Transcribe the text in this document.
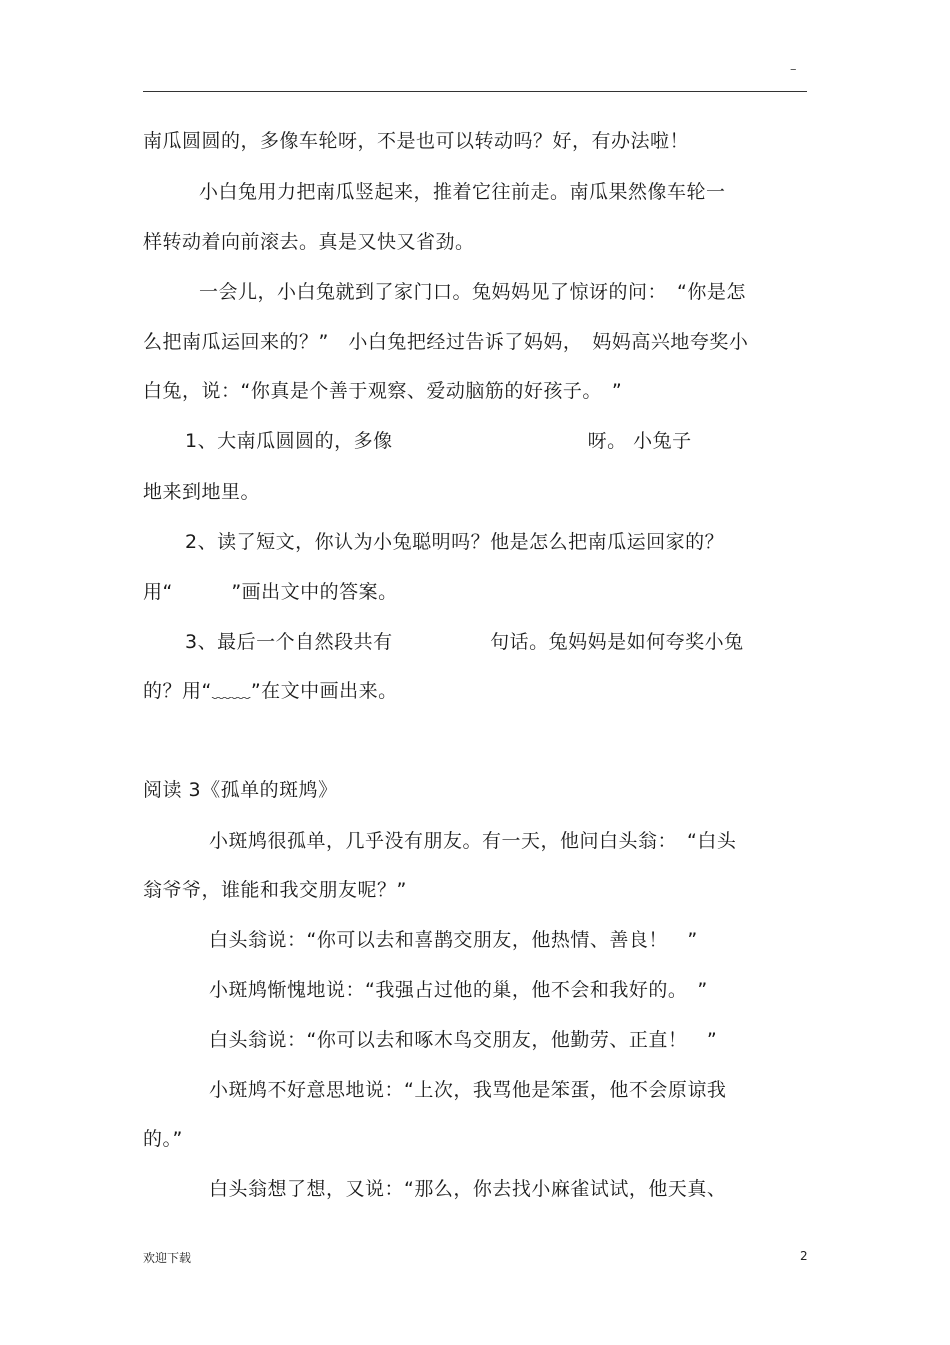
–
南瓜圆圆的，多像车轮呀，不是也可以转动吗？好，有办法啦！
小白兔用力把南瓜竖起来，推着它往前走。南瓜果然像车轮一
样转动着向前滚去。真是又快又省劲。
一会儿，小白兔就到了家门口。兔妈妈见了惊讶的问：　“你是怎
么把南瓜运回来的？”　小白兔把经过告诉了妈妈，　妈妈高兴地夸奖小
白兔，说：“你真是个善于观察、爱动脑筋的好孩子。　”
1、大南瓜圆圆的，多像　　　　　　　　　　呀。 小兔子
地来到地里。
2、读了短文，你认为小兔聪明吗？他是怎么把南瓜运回家的？
用“　　　”画出文中的答案。
3、最后一个自然段共有　　　　　句话。兔妈妈是如何夸奖小兔
的？用“﹏﹏”在文中画出来。
阅读 3《孤单的斑鸠》
小斑鸠很孤单，几乎没有朋友。有一天，他问白头翁：　“白头
翁爷爷，谁能和我交朋友呢？”
白头翁说：“你可以去和喜鹊交朋友，他热情、善良！　”
小斑鸠惭愧地说：“我强占过他的巢，他不会和我好的。　”
白头翁说：“你可以去和啄木鸟交朋友，他勤劳、正直！　”
小斑鸠不好意思地说：“上次，我骂他是笨蛋，他不会原谅我
的。”
白头翁想了想，又说：“那么，你去找小麻雀试试，他天真、
欢迎下载	2
